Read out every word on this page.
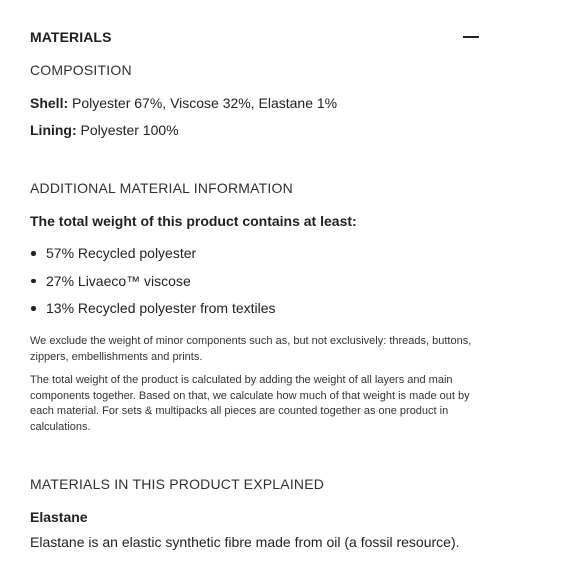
MATERIALS
COMPOSITION
Shell: Polyester 67%, Viscose 32%, Elastane 1%
Lining: Polyester 100%
ADDITIONAL MATERIAL INFORMATION
The total weight of this product contains at least:
57% Recycled polyester
27% Livaeco™ viscose
13% Recycled polyester from textiles
We exclude the weight of minor components such as, but not exclusively: threads, buttons, zippers, embellishments and prints.
The total weight of the product is calculated by adding the weight of all layers and main components together. Based on that, we calculate how much of that weight is made out by each material. For sets & multipacks all pieces are counted together as one product in calculations.
MATERIALS IN THIS PRODUCT EXPLAINED
Elastane
Elastane is an elastic synthetic fibre made from oil (a fossil resource).
